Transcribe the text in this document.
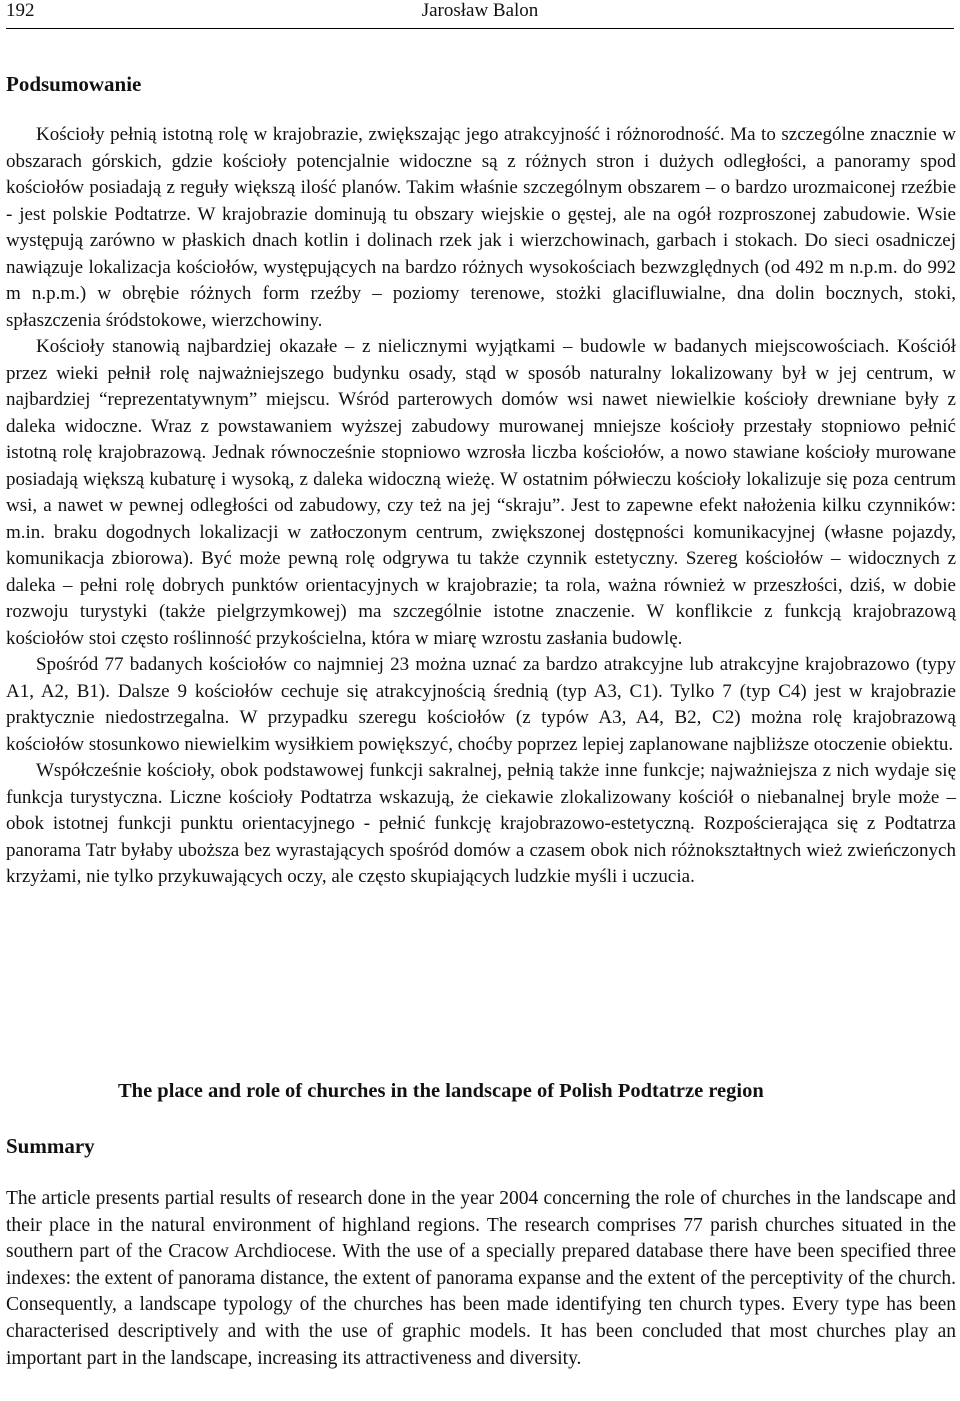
192	Jarosław Balon
Podsumowanie

Kościoły pełnią istotną rolę w krajobrazie, zwiększając jego atrakcyjność i różnorodność. Ma to szczególne znacznie w obszarach górskich, gdzie kościoły potencjalnie widoczne są z różnych stron i dużych odległości, a panoramy spod kościołów posiadają z reguły większą ilość planów. Takim właśnie szczególnym obszarem – o bardzo urozmaiconej rzeźbie - jest polskie Podtatrze. W krajobrazie dominują tu obszary wiejskie o gęstej, ale na ogół rozproszonej zabudowie. Wsie występują zarówno w płaskich dnach kotlin i dolinach rzek jak i wierzchowinach, garbach i stokach. Do sieci osadniczej nawiązuje lokalizacja kościołów, występujących na bardzo różnych wysokościach bezwzględnych (od 492 m n.p.m. do 992 m n.p.m.) w obrębie różnych form rzeźby – poziomy terenowe, stożki glacifluwialne, dna dolin bocznych, stoki, spłaszczenia śródstokowe, wierzchowiny.

Kościoły stanowią najbardziej okazałe – z nielicznymi wyjątkami – budowle w badanych miejscowościach. Kościół przez wieki pełnił rolę najważniejszego budynku osady, stąd w sposób naturalny lokalizowany był w jej centrum, w najbardziej “reprezentatywnym” miejscu. Wśród parterowych domów wsi nawet niewielkie kościoły drewniane były z daleka widoczne. Wraz z powstawaniem wyższej zabudowy murowanej mniejsze kościoły przestały stopniowo pełnić istotną rolę krajobrazową. Jednak równocześnie stopniowo wzrosła liczba kościołów, a nowo stawiane kościoły murowane posiadają większą kubaturę i wysoką, z daleka widoczną wieżę. W ostatnim półwieczu kościoły lokalizuje się poza centrum wsi, a nawet w pewnej odległości od zabudowy, czy też na jej “skraju”. Jest to zapewne efekt nałożenia kilku czynników: m.in. braku dogodnych lokalizacji w zatłoczonym centrum, zwiększonej dostępności komunikacyjnej (własne pojazdy, komunikacja zbiorowa). Być może pewną rolę odgrywa tu także czynnik estetyczny. Szereg kościołów – widocznych z daleka – pełni rolę dobrych punktów orientacyjnych w krajobrazie; ta rola, ważna również w przeszłości, dziś, w dobie rozwoju turystyki (także pielgrzymkowej) ma szczególnie istotne znaczenie. W konflikcie z funkcją krajobrazową kościołów stoi często roślinność przykościelna, która w miarę wzrostu zasłania budowlę.

Spośród 77 badanych kościołów co najmniej 23 można uznać za bardzo atrakcyjne lub atrakcyjne krajobrazowo (typy A1, A2, B1). Dalsze 9 kościołów cechuje się atrakcyjnością średnią (typ A3, C1). Tylko 7 (typ C4) jest w krajobrazie praktycznie niedostrzegalna. W przypadku szeregu kościołów (z typów A3, A4, B2, C2) można rolę krajobrazową kościołów stosunkowo niewielkim wysiłkiem powiększyć, choćby poprzez lepiej zaplanowane najbliższe otoczenie obiektu.

Współcześnie kościoły, obok podstawowej funkcji sakralnej, pełnią także inne funkcje; najważniejsza z nich wydaje się funkcja turystyczna. Liczne kościoły Podtatrza wskazują, że ciekawie zlokalizowany kościół o niebanalnej bryle może – obok istotnej funkcji punktu orientacyjnego - pełnić funkcję krajobrazowo-estetyczną. Rozpościerająca się z Podtatrza panorama Tatr byłaby uboższa bez wyrastających spośród domów a czasem obok nich różnokształtnych wież zwieńczonych krzyżami, nie tylko przykuwających oczy, ale często skupiających ludzkie myśli i uczucia.

The place and role of churches in the landscape of Polish Podtatrze region
Summary

The article presents partial results of research done in the year 2004 concerning the role of churches in the landscape and their place in the natural environment of highland regions. The research comprises 77 parish churches situated in the southern part of the Cracow Archdiocese. With the use of a specially prepared database there have been specified three indexes: the extent of panorama distance, the extent of panorama expanse and the extent of the perceptivity of the church. Consequently, a landscape typology of the churches has been made identifying ten church types. Every type has been characterised descriptively and with the use of graphic models. It has been concluded that most churches play an important part in the landscape, increasing its attractiveness and diversity.
